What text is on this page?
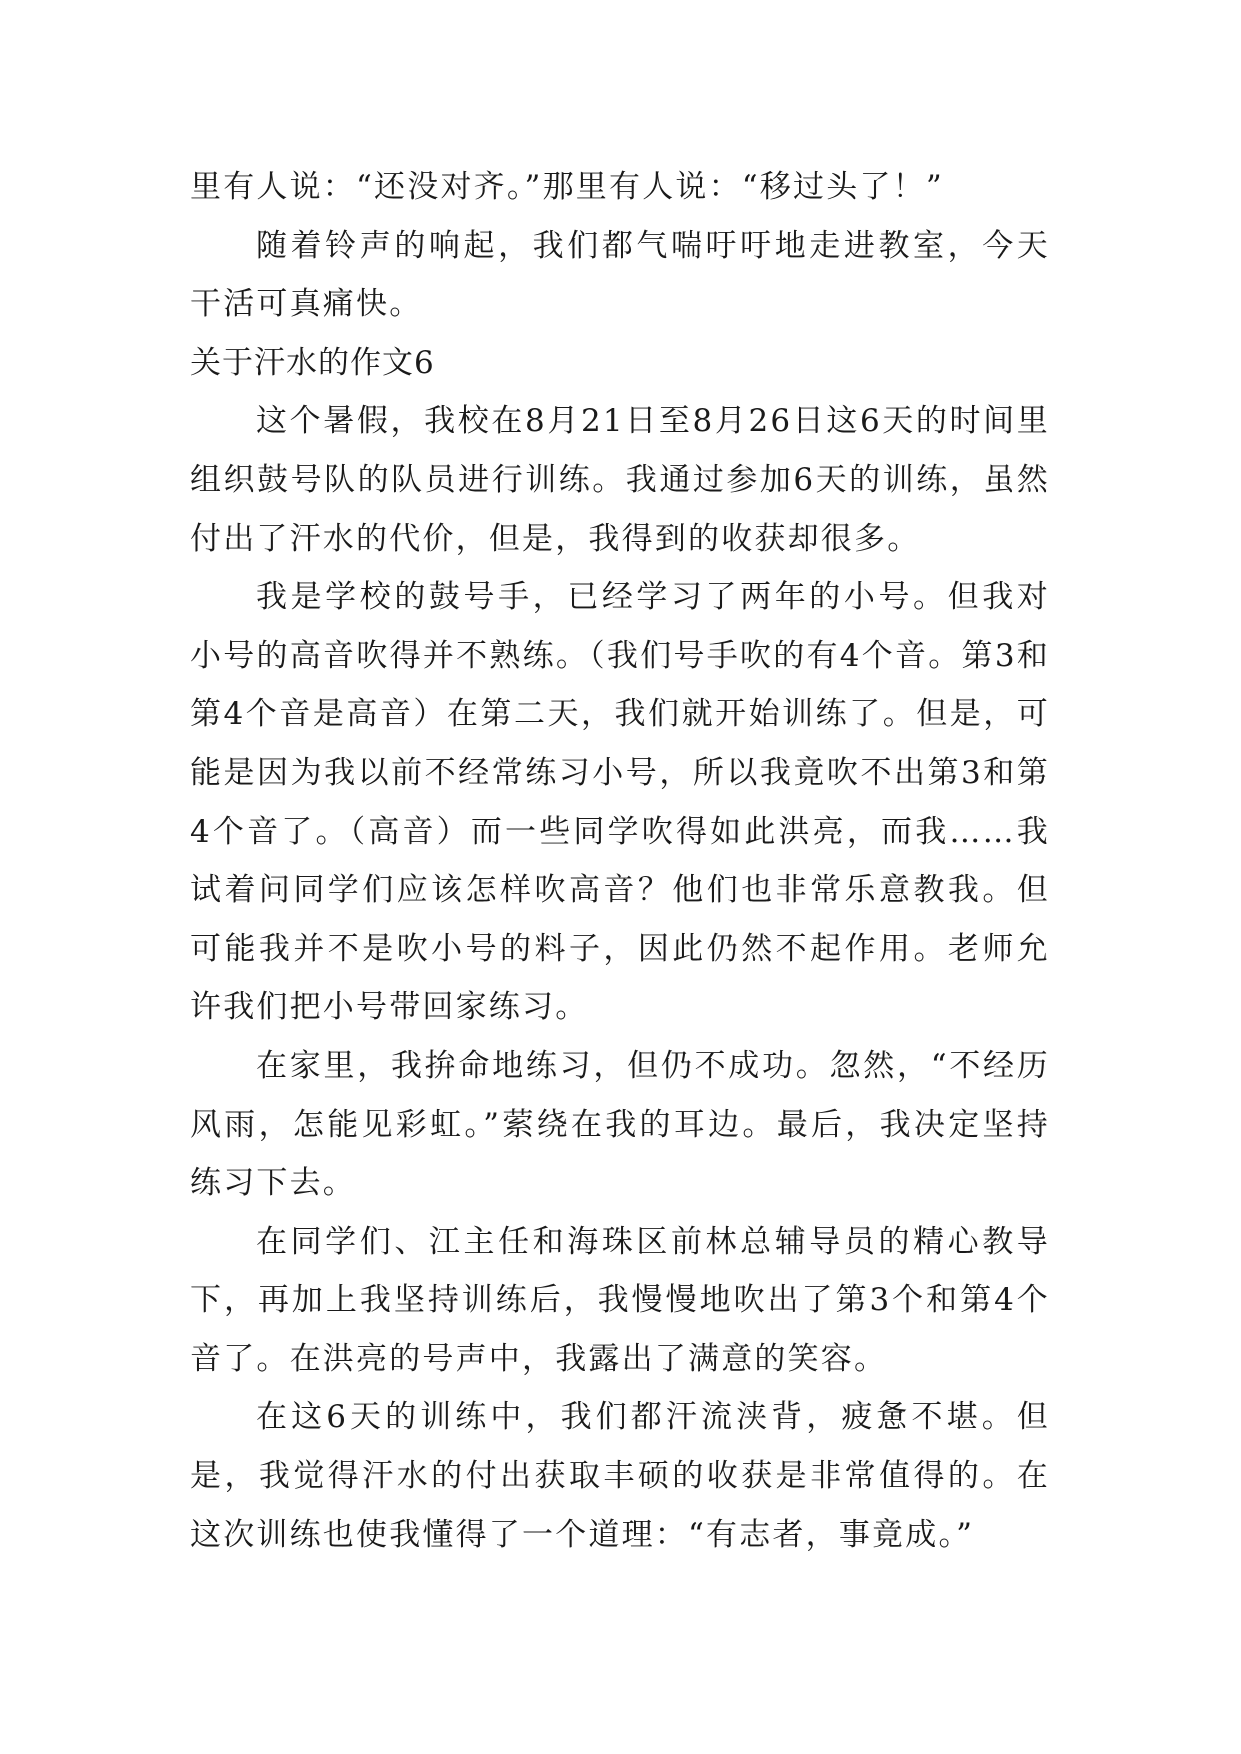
里有人说：“还没对齐。”那里有人说：“移过头了！”

随着铃声的响起，我们都气喘吁吁地走进教室，今天干活可真痛快。

关于汗水的作文6

这个暑假，我校在8月21日至8月26日这6天的时间里组织鼓号队的队员进行训练。我通过参加6天的训练，虽然付出了汗水的代价，但是，我得到的收获却很多。

我是学校的鼓号手，已经学习了两年的小号。但我对小号的高音吹得并不熟练。（我们号手吹的有4个音。第3和第4个音是高音）在第二天，我们就开始训练了。但是，可能是因为我以前不经常练习小号，所以我竟吹不出第3和第4个音了。（高音）而一些同学吹得如此洪亮，而我……我试着问同学们应该怎样吹高音？他们也非常乐意教我。但可能我并不是吹小号的料子，因此仍然不起作用。老师允许我们把小号带回家练习。

在家里，我拚命地练习，但仍不成功。忽然，“不经历风雨，怎能见彩虹。”萦绕在我的耳边。最后，我决定坚持练习下去。

在同学们、江主任和海珠区前林总辅导员的精心教导下，再加上我坚持训练后，我慢慢地吹出了第3个和第4个音了。在洪亮的号声中，我露出了满意的笑容。

在这6天的训练中，我们都汗流浃背，疲惫不堪。但是，我觉得汗水的付出获取丰硕的收获是非常值得的。在这次训练也使我懂得了一个道理：“有志者，事竟成。”
